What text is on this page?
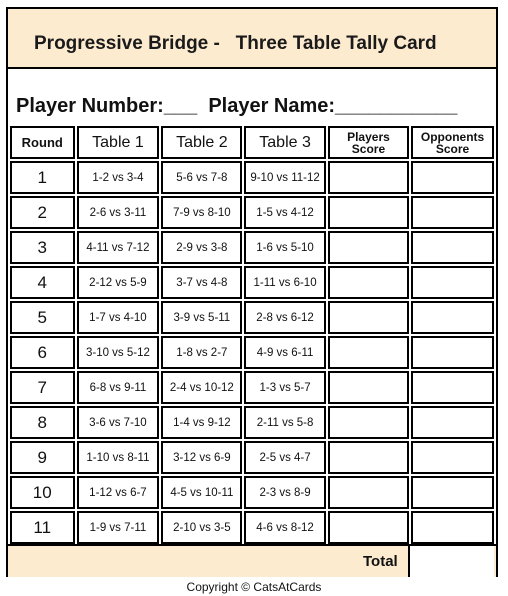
Progressive Bridge -   Three Table Tally Card
Player Number:___  Player Name:___________
Round	Table 1	Table 2	Table 3	Players Score	Opponents Score
1	1-2 vs 3-4	5-6 vs 7-8	9-10 vs 11-12		
2	2-6 vs 3-11	7-9 vs 8-10	1-5 vs 4-12		
3	4-11 vs 7-12	2-9 vs 3-8	1-6 vs 5-10		
4	2-12 vs 5-9	3-7 vs 4-8	1-11 vs 6-10		
5	1-7 vs 4-10	3-9 vs 5-11	2-8 vs 6-12		
6	3-10 vs 5-12	1-8 vs 2-7	4-9 vs 6-11		
7	6-8 vs 9-11	2-4 vs 10-12	1-3 vs 5-7		
8	3-6 vs 7-10	1-4 vs 9-12	2-11 vs 5-8		
9	1-10 vs 8-11	3-12 vs 6-9	2-5 vs 4-7		
10	1-12 vs 6-7	4-5 vs 10-11	2-3 vs 8-9		
11	1-9 vs 7-11	2-10 vs 3-5	4-6 vs 8-12		
Total
Copyright © CatsAtCards
